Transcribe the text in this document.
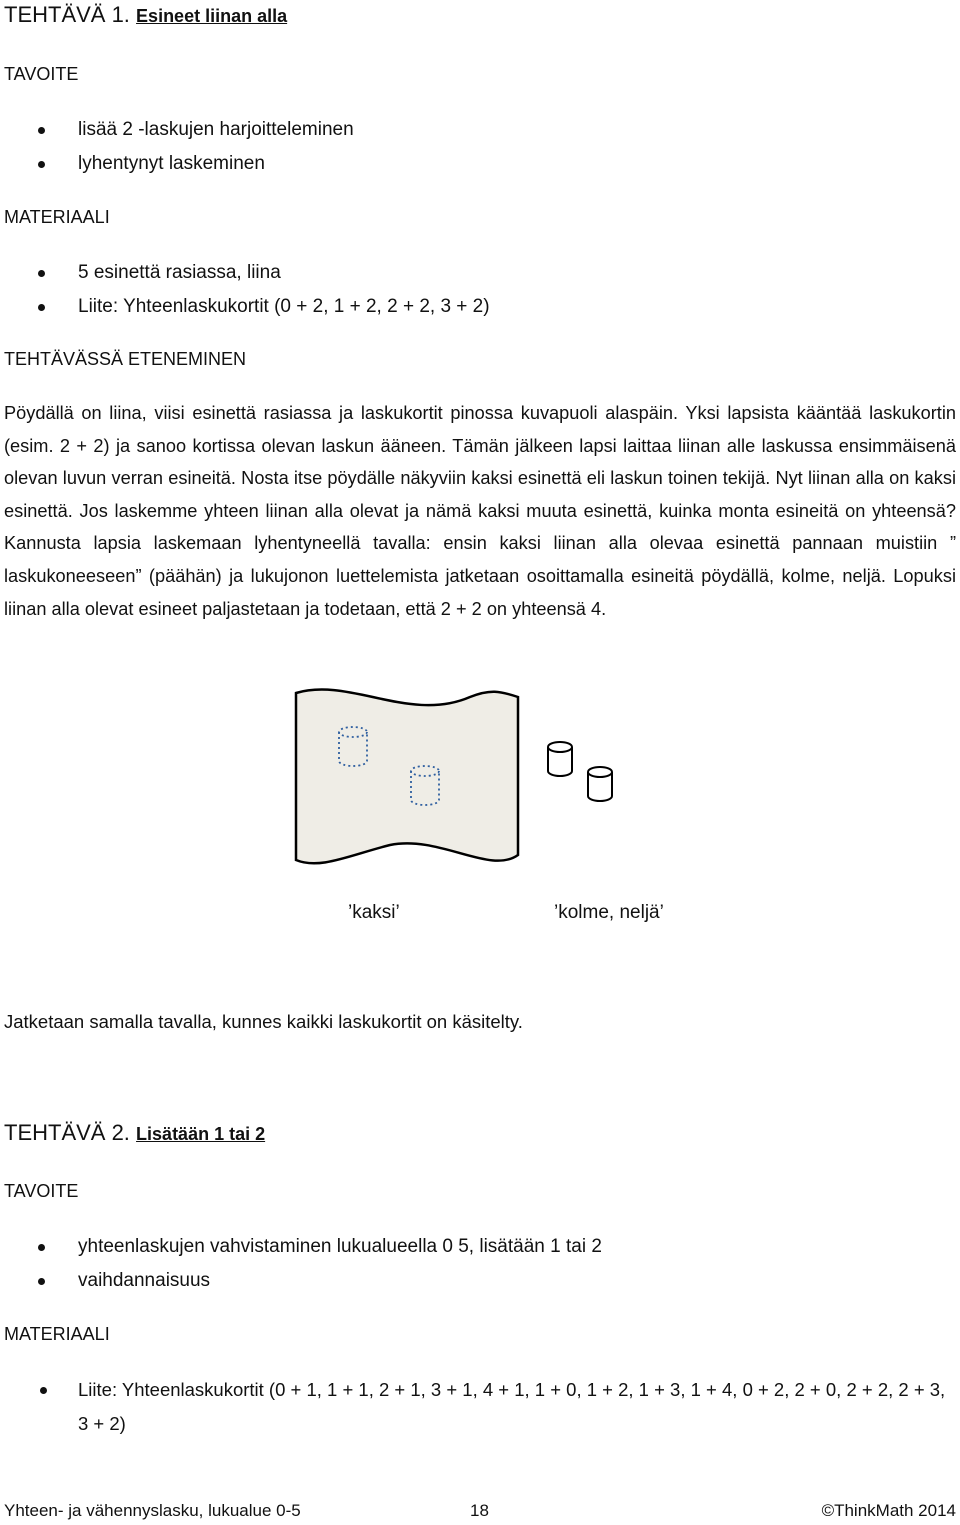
TEHTÄVÄ 1. Esineet liinan alla
TAVOITE
lisää 2 -laskujen harjoitteleminen
lyhentynyt laskeminen
MATERIAALI
5 esinettä rasiassa, liina
Liite: Yhteenlaskukortit (0 + 2, 1 + 2, 2 + 2, 3 + 2)
TEHTÄVÄSSÄ ETENEMINEN
Pöydällä on liina, viisi esinettä rasiassa ja laskukortit pinossa kuvapuoli alaspäin. Yksi lapsista kääntää laskukortin (esim. 2 + 2) ja sanoo kortissa olevan laskun ääneen. Tämän jälkeen lapsi laittaa liinan alle laskussa ensimmäisenä olevan luvun verran esineitä. Nosta itse pöydälle näkyviin kaksi esinettä eli laskun toinen tekijä. Nyt liinan alla on kaksi esinettä. Jos laskemme yhteen liinan alla olevat ja nämä kaksi muuta esinettä, kuinka monta esineitä on yhteensä? Kannusta lapsia laskemaan lyhentyneellä tavalla: ensin kaksi liinan alla olevaa esinettä pannaan muistiin ” laskukoneeseen” (päähän) ja lukujonon luettelemista jatketaan osoittamalla esineitä pöydällä, kolme, neljä. Lopuksi liinan alla olevat esineet paljastetaan ja todetaan, että 2 + 2 on yhteensä 4.
’kaksi’	’kolme, neljä’
Jatketaan samalla tavalla, kunnes kaikki laskukortit on käsitelty.
TEHTÄVÄ 2. Lisätään 1 tai 2
TAVOITE
yhteenlaskujen vahvistaminen lukualueella 0 5, lisätään 1 tai 2
vaihdannaisuus
MATERIAALI
Liite: Yhteenlaskukortit (0 + 1, 1 + 1, 2 + 1, 3 + 1, 4 + 1, 1 + 0, 1 + 2, 1 + 3, 1 + 4, 0 + 2, 2 + 0, 2 + 2, 2 + 3, 3 + 2)
Yhteen- ja vähennyslasku, lukualue 0-5	18	©ThinkMath 2014
